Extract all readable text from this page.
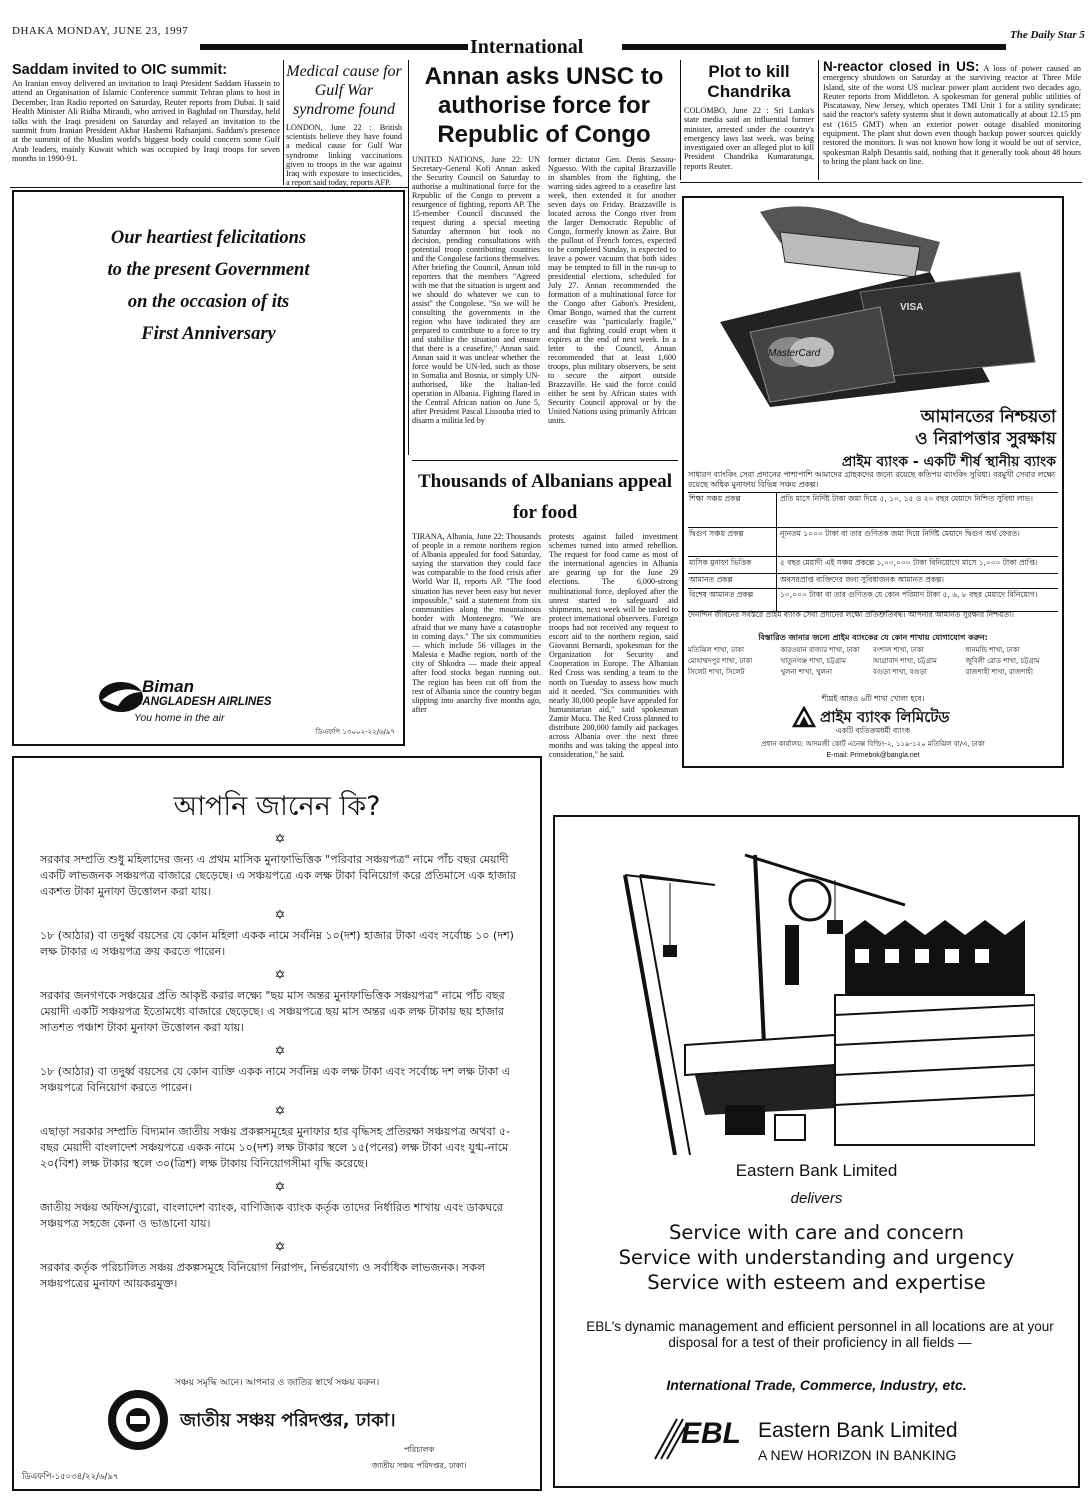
DHAKA MONDAY, JUNE 23, 1997
International
The Daily Star 5
Saddam invited to OIC summit:
An Iranian envoy delivered an invitation to Iraqi President Saddam Hussein to attend an Organisation of Islamic Conference summit Tehran plans to host in December, Iran Radio reported on Saturday, Reuter reports from Dubai. It said Health Minister Ali Ridha Mirandi, who arrived in Baghdad on Thursday, held talks with the Iraqi president on Saturday and relayed an invitation to the summit from Iranian President Akbar Hashemi Rafsanjani. Saddam's presence at the summit of the Muslim world's biggest body could concern some Gulf Arab leaders, mainly Kuwait which was occupied by Iraqi troops for seven months in 1990-91.
Medical cause for Gulf War syndrome found
LONDON, June 22 : British scientists believe they have found a medical cause for Gulf War syndrome linking vaccinations given to troops in the war against Iraq with exposure to insecticides, a report said today, reports AFP.
Annan asks UNSC to authorise force for Republic of Congo
UNITED NATIONS, June 22: UN Secretary-General Kofi Annan asked the Security Council on Saturday to authorise a multinational force for the Republic of the Congo to prevent a resurgence of fighting, reports AP. The 15-member Council discussed the request during a special meeting Saturday afternoon but took no decision, pending consultations with potential troop contributing countries and the Congolese factions themselves. After briefing the Council, Annan told reporters that the members "Agreed with me that the situation is urgent and we should do whatever we can to assist" the Congolese. "So we will be consulting the governments in the region who have indicated they are prepared to contribute to a force to try and stabilise the situation and ensure that there is a ceasefire," Annan said. Annan said it was unclear whether the force would be UN-led, such as those in Somalia and Bosnia, or simply UN-authorised, like the Italian-led operation in Albania. Fighting flared in the Central African nation on June 5, after President Pascal Lissouba tried to disarm a militia led by
former dictator Gen. Denis Sassou-Nguesso. With the capital Brazzaville in shambles from the fighting, the warring sides agreed to a ceasefire last week, then extended it for another seven days on Friday. Brazzaville is located across the Congo river from the larger Democratic Republic of Congo, formerly known as Zaire. But the pullout of French forces, expected to be completed Sunday, is expected to leave a power vacuum that both sides may be tempted to fill in the run-up to presidential elections, scheduled for July 27. Annan recommended the formation of a multinational force for the Congo after Gabon's President, Omar Bongo, warned that the current ceasefire was "particularly fragile," and that fighting could erupt when it expires at the end of next week. In a letter to the Council, Annan recommended that at least 1,600 troops, plus military observers, be sent to secure the airport outside Brazzaville. He said the force could either be sent by African states with Security Council approval or by the United Nations using primarily African units.
Plot to kill Chandrika
COLOMBO, June 22 : Sri Lanka's state media said an influential former minister, arrested under the country's emergency laws last week, was being investigated over an alleged plot to kill President Chandrika Kumaratunga, reports Reuter.
N-reactor closed in US: A loss of power caused an emergency shutdown on Saturday at the surviving reactor at Three Mile Island, site of the worst US nuclear power plant accident two decades ago, Reuter reports from Middleton. A spokesman for general public utilities of Piscataway, New Jersey, which operates TMI Unit 1 for a utility syndicate; said the reactor's safety systems shut it down automatically at about 12.15 pm est (1615 GMT) when an exterior power outage disabled monitoring equipment. The plant shut down even though backup power sources quickly restored the monitors. It was not known how long it would be out of service, spokesman Ralph Desantis said, nothing that it generally took about 48 hours to bring the plant back on line.
Our heartiest felicitations
to the present Government
on the occasion of its
First Anniversary
Biman
BANGLADESH AIRLINES
You home in the air
ডিএফপি ১৩০০২-২২/৬/৯৭
Thousands of Albanians appeal for food
TIRANA, Albania, June 22: Thousands of people in a remote northern region of Albania appealed for food Saturday, saying the starvation they could face was comparable to the food crisis after World War II, reports AP. "The food situation has never been easy but never impossible," said a statement from six communities along the mountainous border with Montenegro. "We are afraid that we many have a catastrophe in coming days." The six communities — which include 56 villages in the Malesia e Madhe region, north of the city of Shkodra — made their appeal after food stocks began running out. The region has been cut off from the rest of Albania since the country began slipping into anarchy five months ago, after
protests against failed investment schemes turned into armed rebellion. The request for food came as most of the international agencies in Albania are gearing up for the June 29 elections. The 6,000-strong multinational force, deployed after the unrest started to safeguard aid shipments, next week will be tasked to protect international observers. Foreign troops had not received any request to escort aid to the northern region, said Giovanni Bernardi, spokesman for the Organization for Security and Cooperation in Europe. The Albanian Red Cross was sending a team to the north on Tuesday to assess how much aid it needed. "Six communities with nearly 30,000 people have appealed for humanitarian aid," said spokesman Zamir Muca. The Red Cross planned to distribute 200,000 family aid packages across Albania over the next three months and was taking the appeal into consideration," he said.
MasterCard
VISA
আমানতের নিশ্চয়তা
ও নিরাপত্তার সুরক্ষায়
প্রাইম ব্যাংক - একটি শীর্ষ স্থানীয় ব্যাংক
সাধারণ ব্যাংকিং সেবা প্রদানের পাশাপাশি আমাদের গ্রাহকদের জন্যে রয়েছে কতিপয় ব্যাংকিং সুবিধা। বরমুখী সেবার লক্ষ্যে রয়েছে অধিক মুনাফায় বিভিন্ন সঞ্চয় প্রকল্প।
শিক্ষা সঞ্চয় প্রকল্প	প্রতি মাসে নির্দিষ্ট টাকা জমা দিয়ে ৫, ১০, ১৫ ও ২০ বছর মেয়াদে নিশ্চিত সুবিধা লাভ।
দ্বিগুণ সঞ্চয় প্রকল্প	ন্যূনতম ১০০০ টাকা বা তার গুণিতক জমা দিয়ে নির্দিষ্ট মেয়াদে দ্বিগুণ অর্থ ফেরত।
মাসিক মুনাফা ভিত্তিক	৫ বছর মেয়াদী এই সঞ্চয় প্রকল্পে ১,০০,০০০ টাকা বিনিয়োগে মাসে ১,০০০ টাকা প্রাপ্তি।
আমানত প্রকল্প	অবসরপ্রাপ্ত ব্যক্তিদের জন্য সুবিধাজনক আমানত প্রকল্প।
বিশেষ আমানত প্রকল্প	১০,০০০ টাকা বা তার গুণিতক যে কোন পরিমাণ টাকা ৫, ৬, ৮ বছর মেয়াদে বিনিয়োগ।
দৈনন্দিন জীবনের সর্বস্তরে প্রাইম ব্যাংক সেবা প্রদানের লক্ষ্যে প্রতিশ্রুতিবদ্ধ। আপনার আমানত সুরক্ষার নিশ্চয়তা।
বিস্তারিত জানার জন্যে প্রাইম ব্যাংকের যে কোন শাখায় যোগাযোগ করুন:
মতিঝিল শাখা, ঢাকা	কারওয়ান বাজার শাখা, ঢাকা	বংশাল শাখা, ঢাকা	ধানমন্ডি শাখা, ঢাকা
মোহাম্মদপুর শাখা, ঢাকা	খাতুনগঞ্জ শাখা, চট্টগ্রাম	আগ্রাবাদ শাখা, চট্টগ্রাম	জুবিলী রোড শাখা, চট্টগ্রাম
সিলেট শাখা, সিলেট	খুলনা শাখা, খুলনা	বগুড়া শাখা, বগুড়া	রাজশাহী শাখা, রাজশাহী
শীঘ্রই আরও ৬টি শাখা খোলা হবে।
প্রাইম ব্যাংক লিমিটেড
একটি ব্যতিক্রমধর্মী ব্যাংক
প্রধান কার্যালয়: আদমজী কোর্ট এনেক্স বিল্ডিং-২, ১১৯-১২০ মতিঝিল বা/এ, ঢাকা
E-mail: Primebnk@bangla.net
আপনি জানেন কি?
✡

সরকার সম্প্রতি শুধু মহিলাদের জন্য এ প্রথম মাসিক মুনাফাভিত্তিক "পরিবার সঞ্চয়পত্র" নামে পাঁচ বছর মেয়াদী একটি লাভজনক সঞ্চয়পত্র বাজারে ছেড়েছে। এ সঞ্চয়পত্রে এক লক্ষ টাকা বিনিয়োগ করে প্রতিমাসে এক হাজার একশত টাকা মুনাফা উত্তোলন করা যায়।

✡

১৮ (আঠার) বা তদুর্ধ্ব বয়সের যে কোন মহিলা একক নামে সর্বনিম্ন ১০(দশ) হাজার টাকা এবং সর্বোচ্চ ১০ (দশ) লক্ষ টাকার এ সঞ্চয়পত্র ক্রয় করতে পারেন।

✡

সরকার জনগণকে সঞ্চয়ের প্রতি আকৃষ্ট করার লক্ষ্যে "ছয় মাস অন্তর মুনাফাভিত্তিক সঞ্চয়পত্র" নামে পাঁচ বছর মেয়াদী একটি সঞ্চয়পত্র ইতোমধ্যে বাজারে ছেড়েছে। এ সঞ্চয়পত্রে ছয় মাস অন্তর এক লক্ষ টাকায় ছয় হাজার সাতশত পঞ্চাশ টাকা মুনাফা উত্তোলন করা যায়।

✡

১৮ (আঠার) বা তদুর্ধ্ব বয়সের যে কোন ব্যক্তি একক নামে সর্বনিম্ন এক লক্ষ টাকা এবং সর্বোচ্চ দশ লক্ষ টাকা এ সঞ্চয়পত্রে বিনিয়োগ করতে পারেন।

✡

এছাড়া সরকার সম্প্রতি বিদ্যমান জাতীয় সঞ্চয় প্রকল্পসমূহের মুনাফার হার বৃদ্ধিসহ প্রতিরক্ষা সঞ্চয়পত্র অথবা ৫-বছর মেয়াদী বাংলাদেশ সঞ্চয়পত্রে একক নামে ১০(দশ) লক্ষ টাকার স্থলে ১৫(পনের) লক্ষ টাকা এবং যুগ্ম-নামে ২০(বিশ) লক্ষ টাকার স্থলে ৩০(ত্রিশ) লক্ষ টাকায় বিনিয়োগসীমা বৃদ্ধি করেছে।

✡

জাতীয় সঞ্চয় অফিস/ব্যুরো, বাংলাদেশ ব্যাংক, বাণিজ্যিক ব্যাংক কর্তৃক তাদের নির্ধারিত শাখায় এবং ডাকঘরে সঞ্চয়পত্র সহজে কেনা ও ভাঙানো যায়।

✡

সরকার কর্তৃক পরিচালিত সঞ্চয় প্রকল্পসমূহে বিনিয়োগ নিরাপদ, নির্ভরযোগ্য ও সর্বাধিক লাভজনক। সকল সঞ্চয়পত্রের মুনাফা আয়করমুক্ত।

সঞ্চয় সমৃদ্ধি আনে। আপনার ও জাতির স্বার্থে সঞ্চয় করুন।
জাতীয় সঞ্চয় পরিদপ্তর, ঢাকা।
পরিচালক
জাতীয় সঞ্চয় পরিদপ্তর, ঢাকা।
ডিএফপি-১৫০৩৪/২২/৬/৯৭
Eastern Bank Limited
delivers
Service with care and concern
Service with understanding and urgency
Service with esteem and expertise
EBL's dynamic management and efficient personnel in all locations are at your disposal for a test of their proficiency in all fields —
International Trade, Commerce, Industry, etc.
EBL Eastern Bank Limited
A NEW HORIZON IN BANKING
